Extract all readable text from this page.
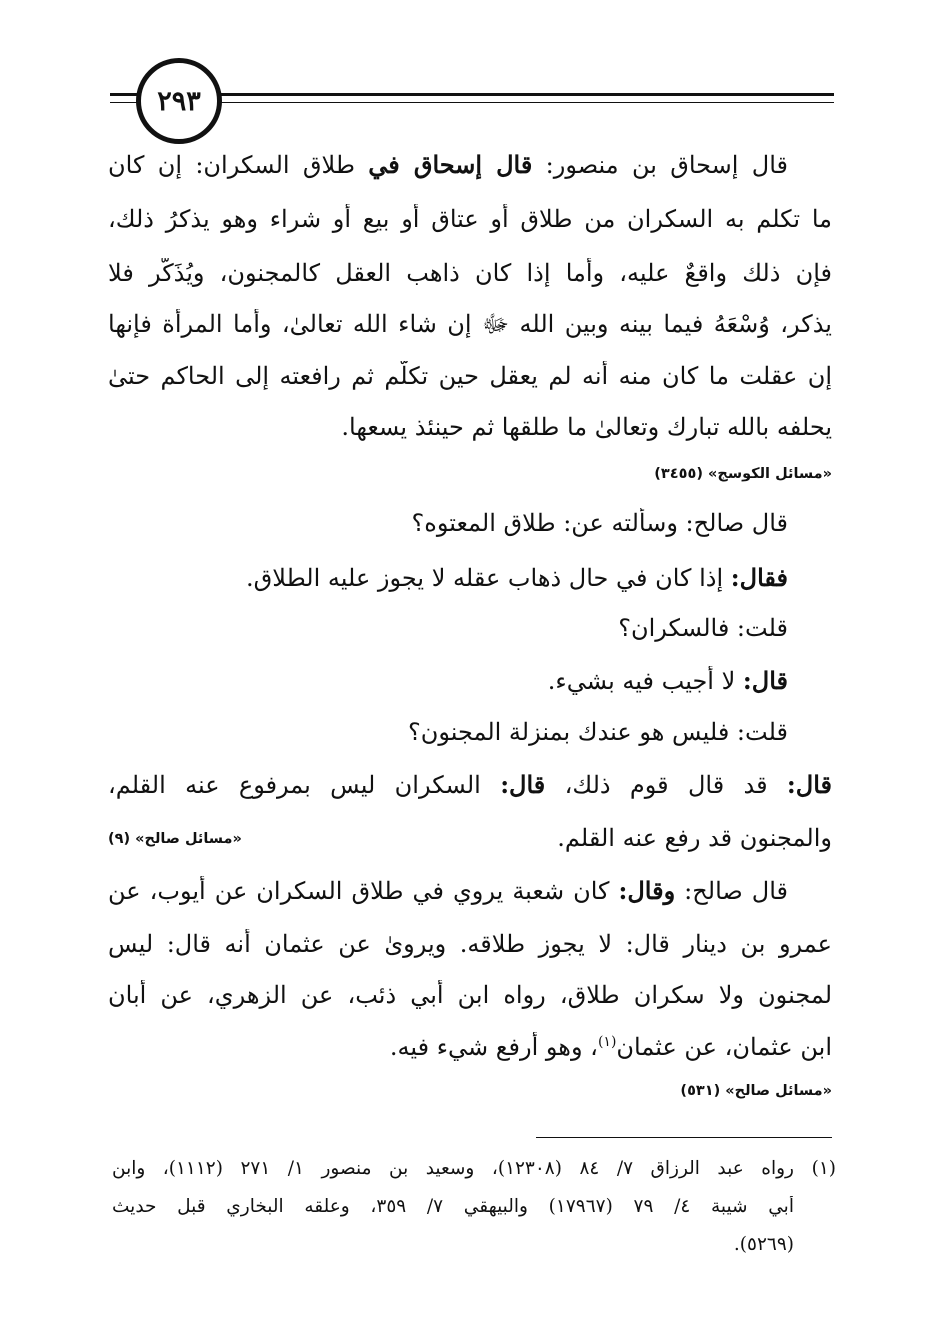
٢٩٣
قال إسحاق بن منصور: قال إسحاق في طلاق السكران: إن كان
ما تكلم به السكران من طلاق أو عتاق أو بيع أو شراء وهو يذكرُ ذلك،
فإن ذلك واقعٌ عليه، وأما إذا كان ذاهب العقل كالمجنون، ويُذَكَّر فلا
يذكر، وُسْعَهُ فيما بينه وبين الله ﷻ إن شاء الله تعالىٰ، وأما المرأة فإنها
إن عقلت ما كان منه أنه لم يعقل حين تكلَّم ثم رافعته إلى الحاكم حتىٰ
يحلفه بالله تبارك وتعالىٰ ما طلقها ثم حينئذ يسعها.
«مسائل الكوسج» (٣٤٥٥)
قال صالح: وسألته عن: طلاق المعتوه؟
فقال: إذا كان في حال ذهاب عقله لا يجوز عليه الطلاق.
قلت: فالسكران؟
قال: لا أجيب فيه بشيء.
قلت: فليس هو عندك بمنزلة المجنون؟
قال: قد قال قوم ذلك، قال: السكران ليس بمرفوع عنه القلم،
والمجنون قد رفع عنه القلم.
«مسائل صالح» (٩)
قال صالح: وقال: كان شعبة يروي في طلاق السكران عن أيوب، عن
عمرو بن دينار قال: لا يجوز طلاقه. ويرو‌ىٰ عن عثمان أنه قال: ليس
لمجنون ولا سكران طلاق، رواه ابن أبي ذئب، عن الزهري، عن أبان
ابن عثمان، عن عثمان$^{(١)}$، وهو أرفع شيء فيه.
«مسائل صالح» (٥٣١)
(١)
رواه عبد الرزاق ٧/ ٨٤ (١٢٣٠٨)، وسعيد بن منصور ١/ ٢٧١ (١١١٢)، وابن
أبي شيبة ٤/ ٧٩ (١٧٩٦٧) والبيهقي ٧/ ٣٥٩، وعلقه البخاري قبل حديث
(٥٢٦٩).
